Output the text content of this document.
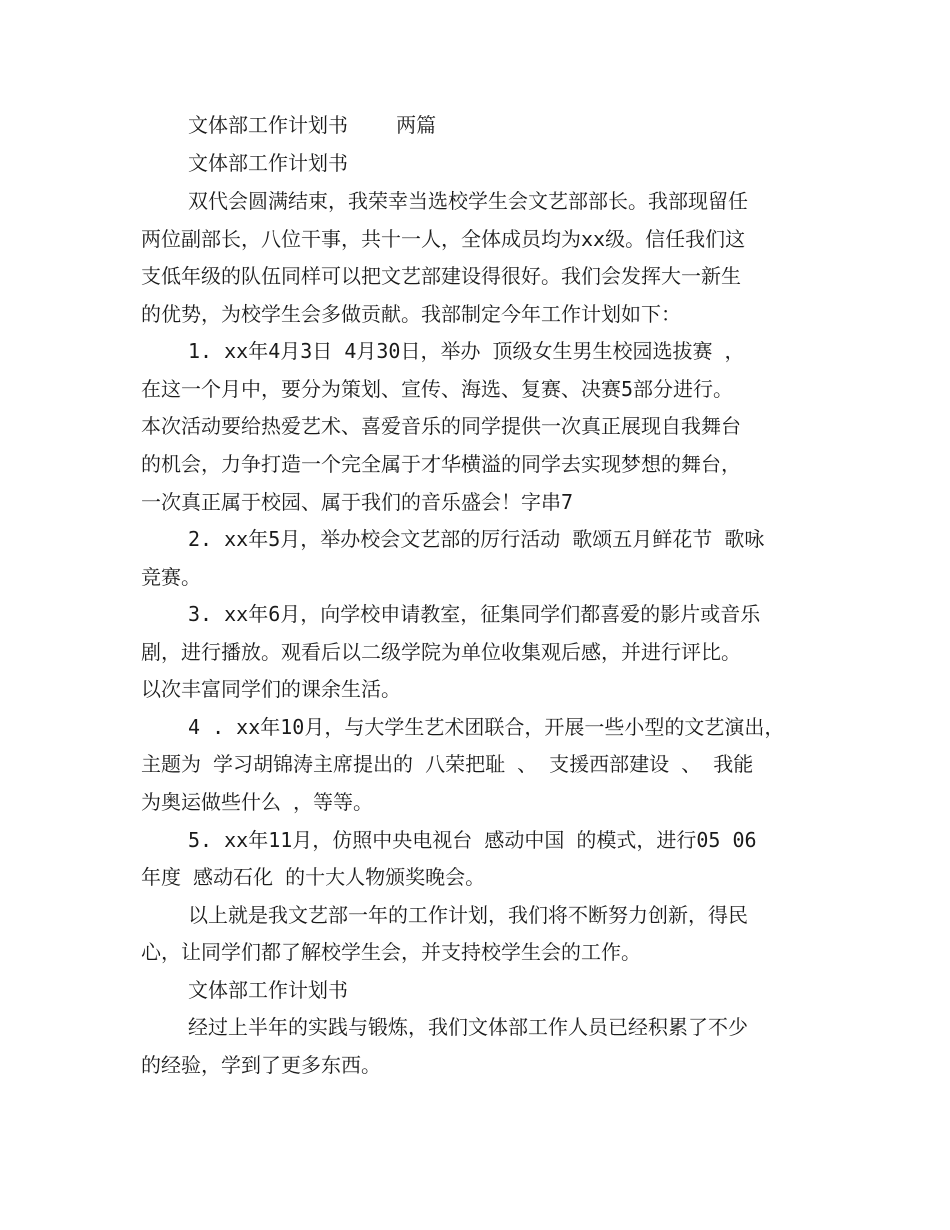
文体部工作计划书    两篇
文体部工作计划书
双代会圆满结束，我荣幸当选校学生会文艺部部长。我部现留任
两位副部长，八位干事，共十一人，全体成员均为xx级。信任我们这
支低年级的队伍同样可以把文艺部建设得很好。我们会发挥大一新生
的优势，为校学生会多做贡献。我部制定今年工作计划如下：
1. xx年4月3日 4月30日，举办 顶级女生男生校园选拔赛 ，
在这一个月中，要分为策划、宣传、海选、复赛、决赛5部分进行。
本次活动要给热爱艺术、喜爱音乐的同学提供一次真正展现自我舞台
的机会，力争打造一个完全属于才华横溢的同学去实现梦想的舞台，
一次真正属于校园、属于我们的音乐盛会！字串7
2. xx年5月，举办校会文艺部的厉行活动 歌颂五月鲜花节 歌咏
竞赛。
3. xx年6月，向学校申请教室，征集同学们都喜爱的影片或音乐
剧，进行播放。观看后以二级学院为单位收集观后感，并进行评比。
以次丰富同学们的课余生活。
4 . xx年10月，与大学生艺术团联合，开展一些小型的文艺演出，
主题为 学习胡锦涛主席提出的 八荣把耻 、 支援西部建设 、 我能
为奥运做些什么 ，等等。
5. xx年11月，仿照中央电视台 感动中国 的模式，进行05 06
年度 感动石化 的十大人物颁奖晚会。
以上就是我文艺部一年的工作计划，我们将不断努力创新，得民
心，让同学们都了解校学生会，并支持校学生会的工作。
文体部工作计划书
经过上半年的实践与锻炼，我们文体部工作人员已经积累了不少
的经验，学到了更多东西。
